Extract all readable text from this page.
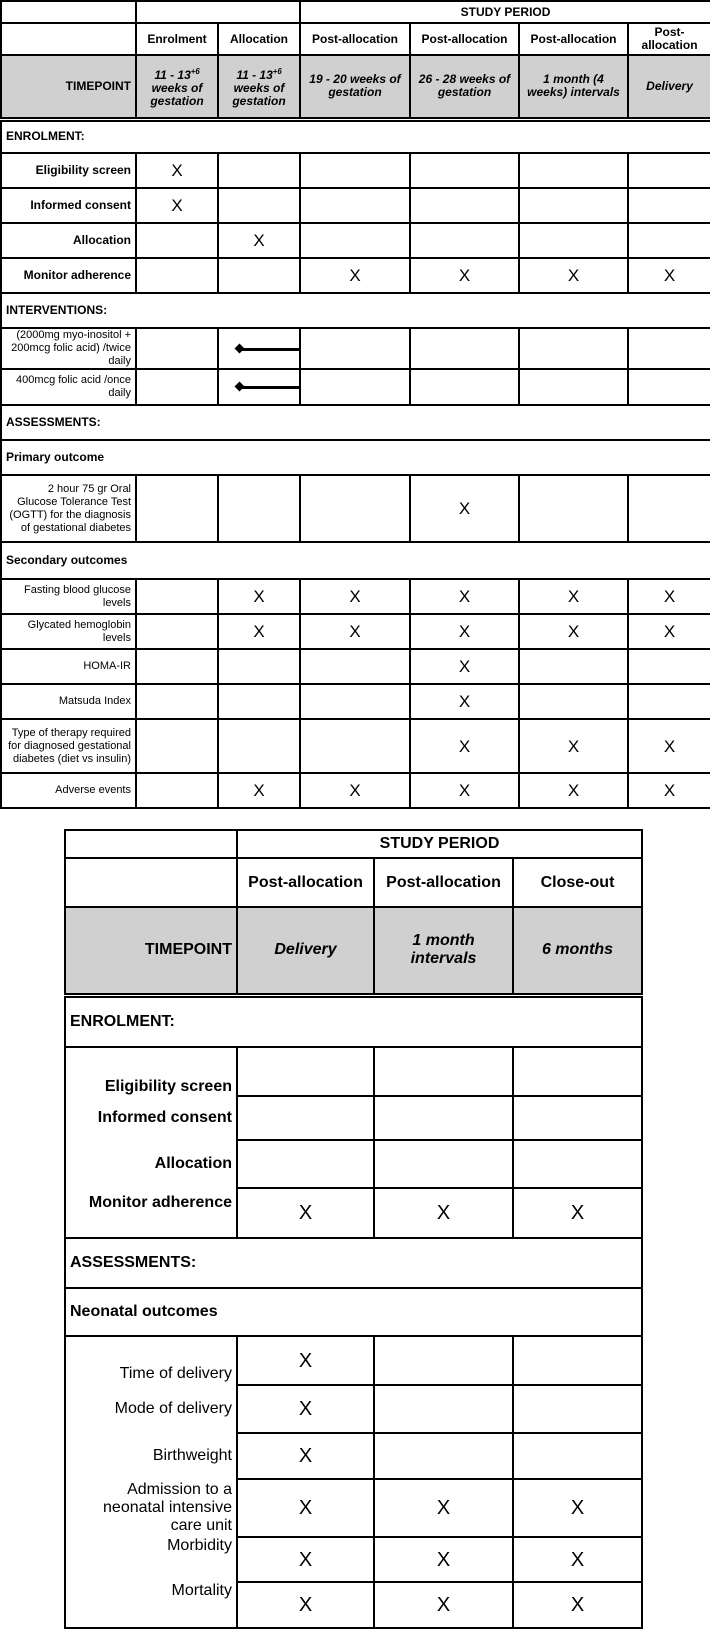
			STUDY PERIOD			
	Enrolment	Allocation	Post-allocation	Post-allocation	Post-allocation	Post-allocation
TIMEPOINT	$11 - 13^{+6}$ weeks of gestation	$11 - 13^{+6}$ weeks of gestation	19 - 20 weeks of gestation	26 - 28 weeks of gestation	1 month (4 weeks) intervals	Delivery
ENROLMENT:						
Eligibility screen	X					
Informed consent	X					
Allocation		X				
Monitor adherence			X	X	X	X
INTERVENTIONS:						
(2000mg myo-inositol + 200mcg folic acid) /twice daily		

400mcg folic acid /once daily		

ASSESSMENTS:						
Primary outcome						
2 hour 75 gr Oral Glucose Tolerance Test (OGTT) for the diagnosis of gestational diabetes				X		
Secondary outcomes						
Fasting blood glucose levels		X	X	X	X	X
Glycated hemoglobin levels		X	X	X	X	X
HOMA-IR				X		
Matsuda Index				X		
Type of therapy required for diagnosed gestational diabetes (diet vs insulin)				X	X	X
Adverse events		X	X	X	X	X
	STUDY PERIOD		
	Post-allocation	Post-allocation	Close-out
TIMEPOINT	Delivery	1 month intervals	6 months
ENROLMENT:			
Eligibility screen			
Informed consent			
Allocation			
Monitor adherence	X	X	X
ASSESSMENTS:			
Neonatal outcomes			
Time of delivery	X		
Mode of delivery	X		
Birthweight	X		
Admission to a neonatal intensive care unit	X	X	X
Morbidity	X	X	X
Mortality	X	X	X
